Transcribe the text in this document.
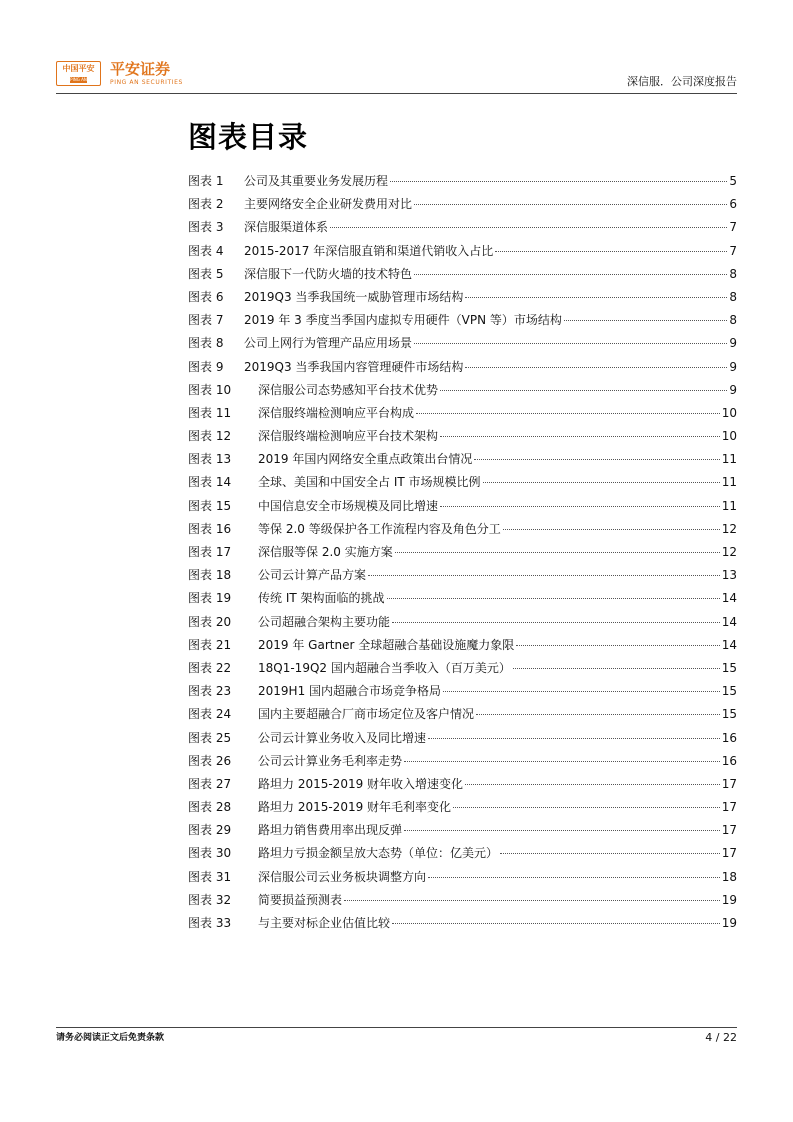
中国平安
PING AN
平安证券
PING AN SECURITIES	深信服．公司深度报告
图表目录
图表 1	公司及其重要业务发展历程	5
图表 2	主要网络安全企业研发费用对比	6
图表 3	深信服渠道体系	7
图表 4	2015-2017 年深信服直销和渠道代销收入占比	7
图表 5	深信服下一代防火墙的技术特色	8
图表 6	2019Q3 当季我国统一威胁管理市场结构	8
图表 7	2019 年 3 季度当季国内虚拟专用硬件（VPN 等）市场结构	8
图表 8	公司上网行为管理产品应用场景	9
图表 9	2019Q3 当季我国内容管理硬件市场结构	9
图表 10	深信服公司态势感知平台技术优势	9
图表 11	深信服终端检测响应平台构成	10
图表 12	深信服终端检测响应平台技术架构	10
图表 13	2019 年国内网络安全重点政策出台情况	11
图表 14	全球、美国和中国安全占 IT 市场规模比例	11
图表 15	中国信息安全市场规模及同比增速	11
图表 16	等保 2.0 等级保护各工作流程内容及角色分工	12
图表 17	深信服等保 2.0 实施方案	12
图表 18	公司云计算产品方案	13
图表 19	传统 IT 架构面临的挑战	14
图表 20	公司超融合架构主要功能	14
图表 21	2019 年 Gartner 全球超融合基础设施魔力象限	14
图表 22	18Q1-19Q2 国内超融合当季收入（百万美元）	15
图表 23	2019H1 国内超融合市场竞争格局	15
图表 24	国内主要超融合厂商市场定位及客户情况	15
图表 25	公司云计算业务收入及同比增速	16
图表 26	公司云计算业务毛利率走势	16
图表 27	路坦力 2015-2019 财年收入增速变化	17
图表 28	路坦力 2015-2019 财年毛利率变化	17
图表 29	路坦力销售费用率出现反弹	17
图表 30	路坦力亏损金额呈放大态势（单位：亿美元）	17
图表 31	深信服公司云业务板块调整方向	18
图表 32	简要损益预测表	19
图表 33	与主要对标企业估值比较	19
请务必阅读正文后免责条款	4 / 22
